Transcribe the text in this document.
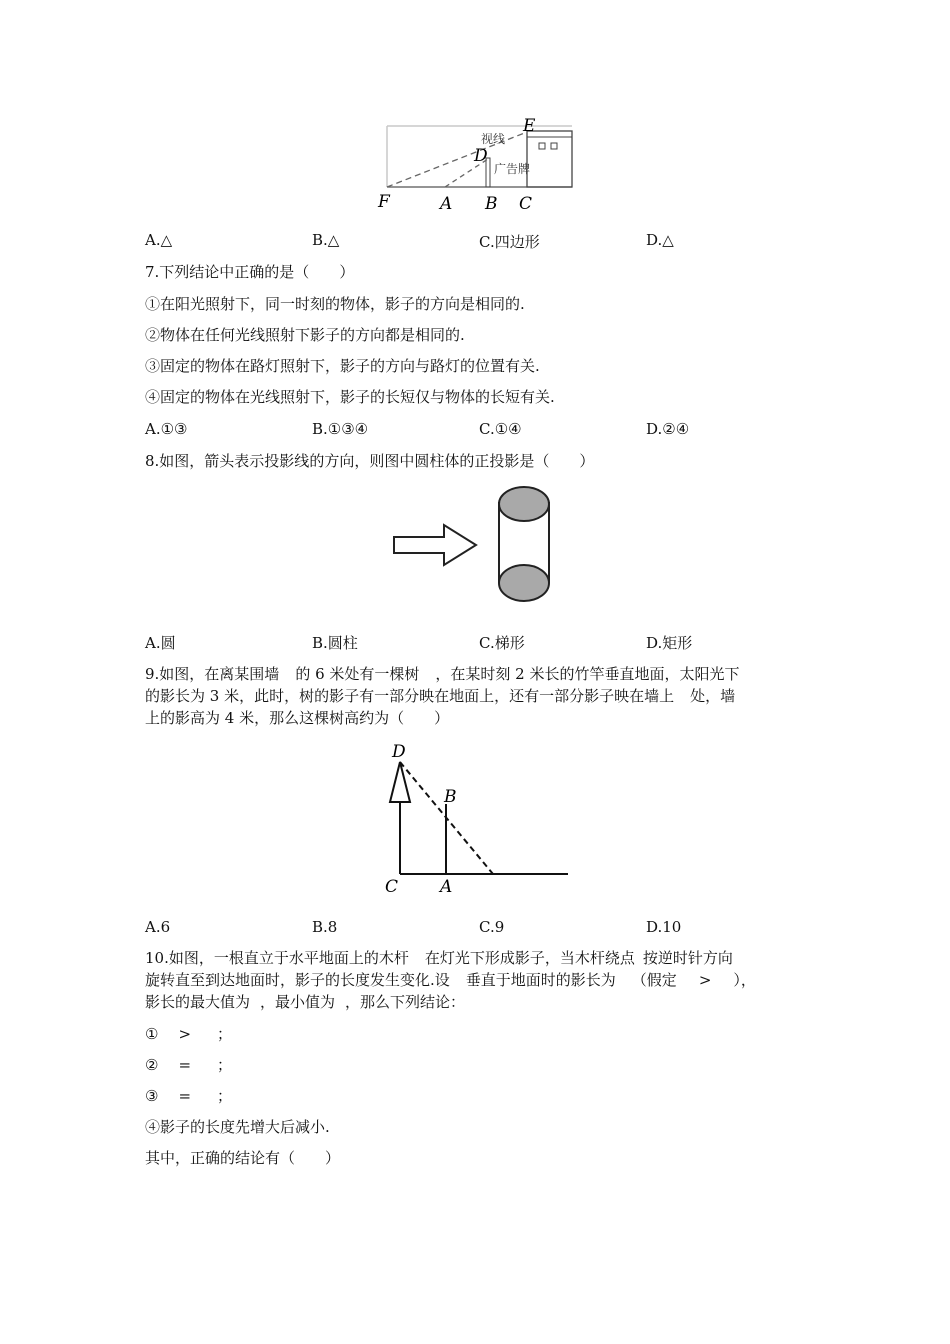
视线
广告牌
E
D
F	A B C
A.△	B.△	C.四边形	D.△
7.下列结论中正确的是（　　）
①在阳光照射下，同一时刻的物体，影子的方向是相同的.
②物体在任何光线照射下影子的方向都是相同的.
③固定的物体在路灯照射下，影子的方向与路灯的位置有关.
④固定的物体在光线照射下，影子的长短仅与物体的长短有关.
A.①③	B.①③④	C.①④	D.②④
8.如图，箭头表示投影线的方向，则图中圆柱体的正投影是（　　）
A.圆	B.圆柱	C.梯形	D.矩形
9.如图，在离某围墙 的 6 米处有一棵树 ，在某时刻 2 米长的竹竿垂直地面，太阳光下
的影长为 3 米，此时，树的影子有一部分映在地面上，还有一部分影子映在墙上 处，墙
上的影高为 4 米，那么这棵树高约为（　　）
D
B
C A
A.6	B.8	C.9	D.10
10.如图，一根直立于水平地面上的木杆 在灯光下形成影子，当木杆绕点 按逆时针方向
旋转直至到达地面时，影子的长度发生变化.设 垂直于地面时的影长为 （假定 > ），
影长的最大值为 ，最小值为 ，那么下列结论：
① > ；
② = ；
③ = ；
④影子的长度先增大后减小.
其中，正确的结论有（　　）
